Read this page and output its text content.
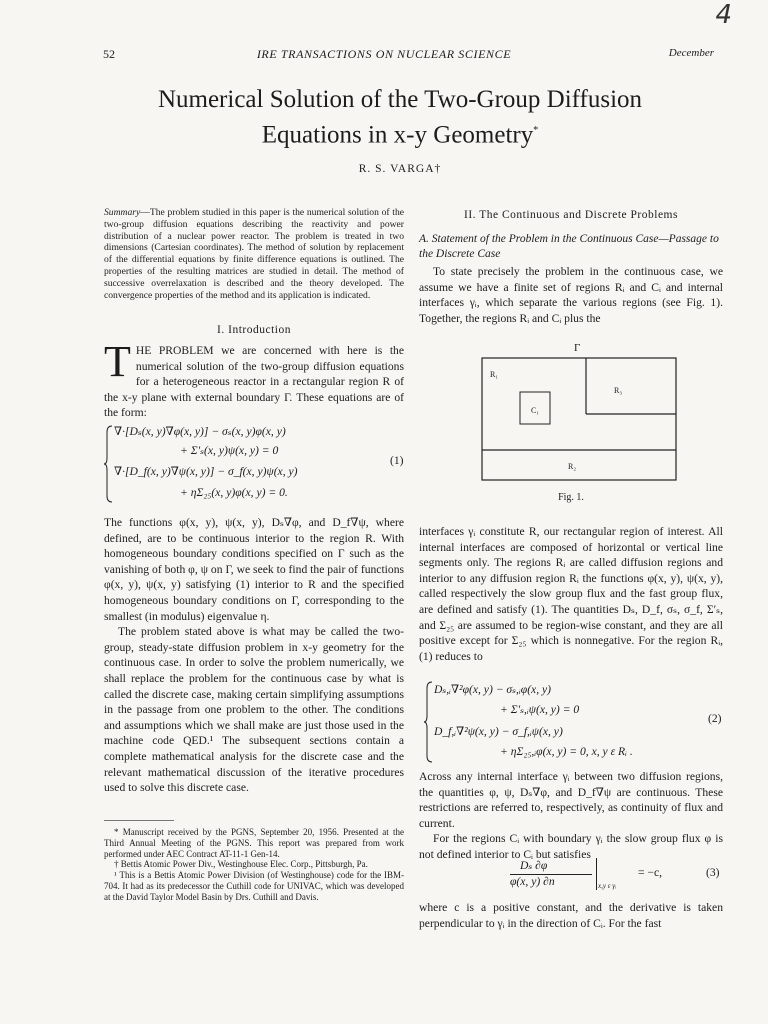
4
52	IRE TRANSACTIONS ON NUCLEAR SCIENCE	December
Numerical Solution of the Two-Group Diffusion
Equations in x-y Geometry*
R. S. VARGA†
Summary—The problem studied in this paper is the numerical solution of the two-group diffusion equations describing the reactivity and power distribution of a nuclear power reactor. The problem is treated in two dimensions (Cartesian coordinates). The method of solution by replacement of the differential equations by finite difference equations is outlined. The properties of the resulting matrices are studied in detail. The method of successive overrelaxation is described and the theory developed. The convergence properties of the method and its application is indicated.
I. Introduction
THE PROBLEM we are concerned with here is the numerical solution of the two-group diffusion equations for a heterogeneous reactor in a rectangular region R of the x-y plane with external boundary Γ. These equations are of the form:
∇·[Dₛ(x, y)∇φ(x, y)] − σₛ(x, y)φ(x, y)
+ Σ′ₛ(x, y)ψ(x, y) = 0
∇·[D_f(x, y)∇ψ(x, y)] − σ_f(x, y)ψ(x, y)
+ ηΣ₂₅(x, y)φ(x, y) = 0.
(1)

The functions φ(x, y), ψ(x, y), Dₛ∇φ, and D_f∇ψ, where defined, are to be continuous interior to the region R. With homogeneous boundary conditions specified on Γ such as the vanishing of both φ, ψ on Γ, we seek to find the pair of functions φ(x, y), ψ(x, y) satisfying (1) interior to R and the specified homogeneous boundary conditions on Γ, corresponding to the smallest (in modulus) eigenvalue η.

The problem stated above is what may be called the two-group, steady-state diffusion problem in x-y geometry for the continuous case. In order to solve the problem numerically, we shall replace the problem for the continuous case by what is called the discrete case, making certain simplifying assumptions in the passage from one problem to the other. The conditions and assumptions which we shall make are just those used in the machine code QED.¹ The subsequent sections contain a complete mathematical analysis for the discrete case and the relevant mathematical discussion of the iterative procedures used to solve this discrete case.

* Manuscript received by the PGNS, September 20, 1956. Presented at the Third Annual Meeting of the PGNS. This report was prepared from work performed under AEC Contract AT-11-1 Gen-14.

† Bettis Atomic Power Div., Westinghouse Elec. Corp., Pittsburgh, Pa.

¹ This is a Bettis Atomic Power Division (of Westinghouse) code for the IBM-704. It had as its predecessor the Cuthill code for UNIVAC, which was developed at the David Taylor Model Basin by Drs. Cuthill and Davis.

II. The Continuous and Discrete Problems
A. Statement of the Problem in the Continuous Case—Passage to the Discrete Case

To state precisely the problem in the continuous case, we assume we have a finite set of regions Rᵢ and Cᵢ and internal interfaces γᵢ, which separate the various regions (see Fig. 1). Together, the regions Rᵢ and Cᵢ plus the

Γ
R₁
R₃
C₁
R₂
Fig. 1.

interfaces γᵢ constitute R, our rectangular region of interest. All internal interfaces are composed of horizontal or vertical line segments only. The regions Rᵢ are called diffusion regions and interior to any diffusion region Rᵢ the functions φ(x, y), ψ(x, y), called respectively the slow group flux and the fast group flux, are defined and satisfy (1). The quantities Dₛ, D_f, σₛ, σ_f, Σ′ₛ, and Σ₂₅ are assumed to be region-wise constant, and they are all positive except for Σ₂₅ which is nonnegative. For the region Rᵢ, (1) reduces to

Dₛ,ᵢ∇²φ(x, y) − σₛ,ᵢφ(x, y)
+ Σ′ₛ,ᵢψ(x, y) = 0
D_f,ᵢ∇²ψ(x, y) − σ_f,ᵢψ(x, y)
+ ηΣ₂₅,ᵢφ(x, y) = 0, x, y ε Rᵢ .
(2)

Across any internal interface γᵢ between two diffusion regions, the quantities φ, ψ, Dₛ∇φ, and D_f∇ψ are continuous. These restrictions are referred to, respectively, as continuity of flux and current.

For the regions Cᵢ with boundary γᵢ the slow group flux φ is not defined interior to Cᵢ but satisfies

Dₛ ∂φ
φ(x, y) ∂n	x,y ε γᵢ
= −c,	(3)

where c is a positive constant, and the derivative is taken perpendicular to γᵢ in the direction of Cᵢ. For the fast
